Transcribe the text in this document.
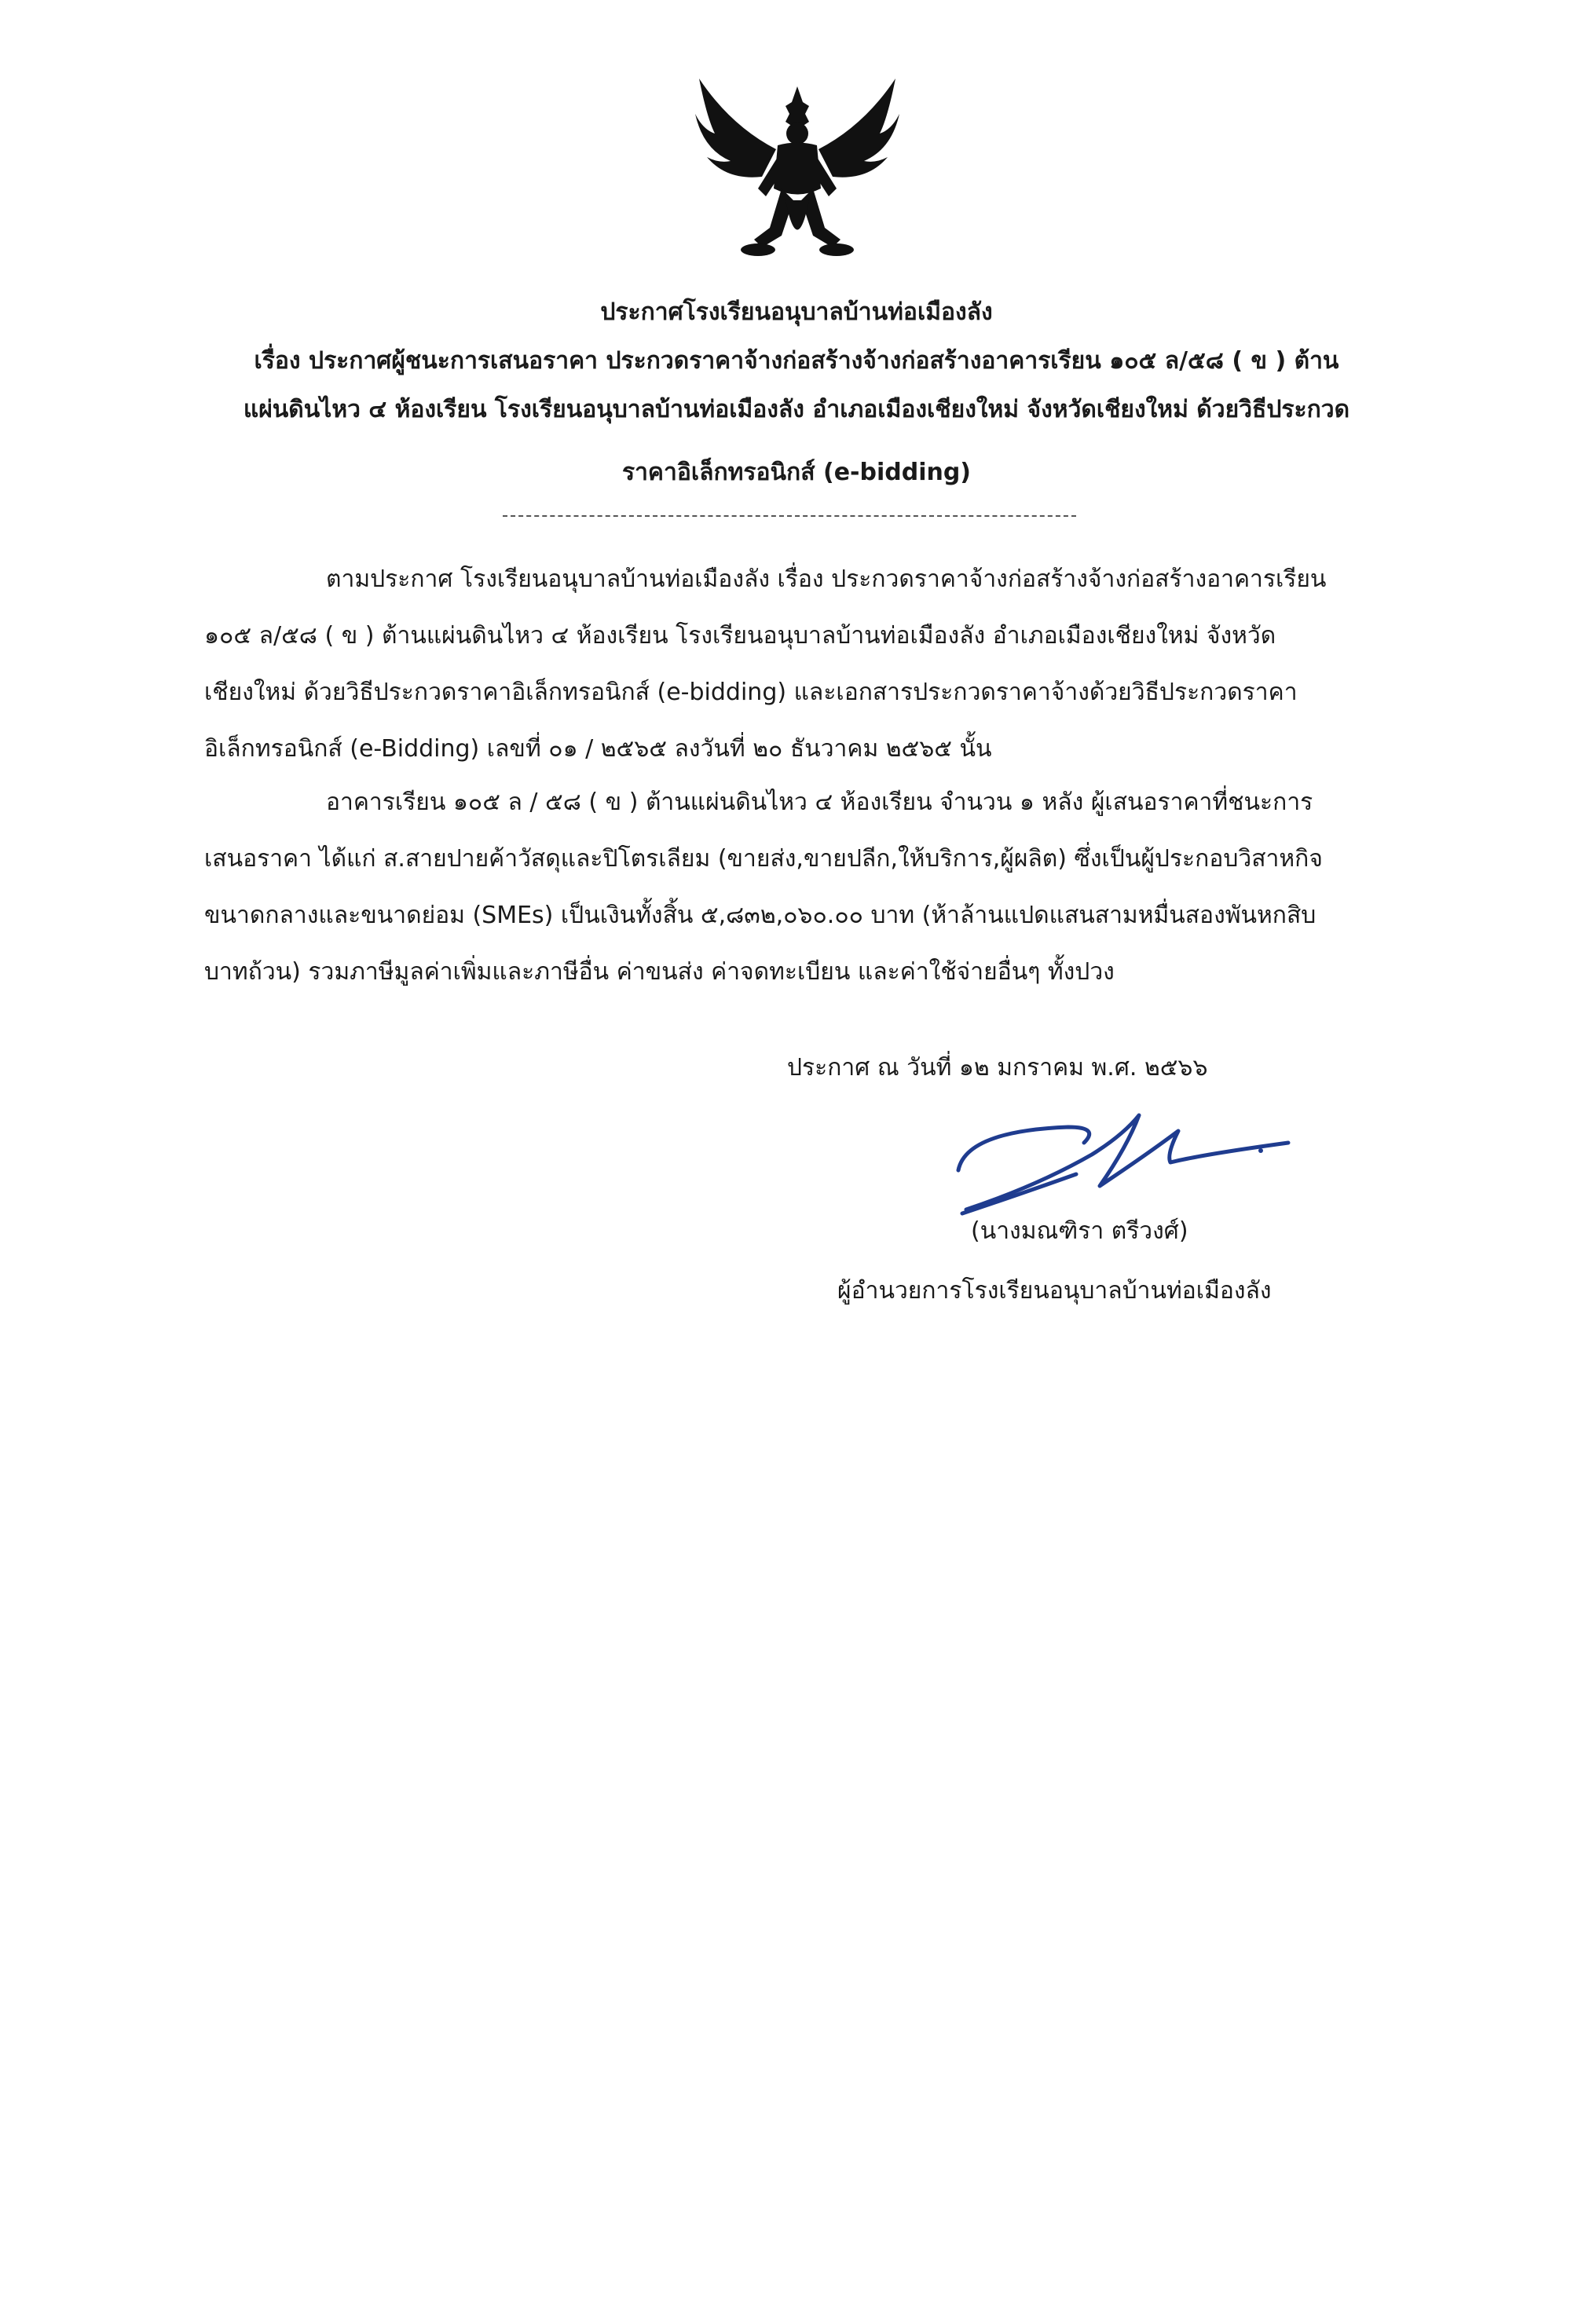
ประกาศโรงเรียนอนุบาลบ้านท่อเมืองลัง
เรื่อง ประกาศผู้ชนะการเสนอราคา ประกวดราคาจ้างก่อสร้างจ้างก่อสร้างอาคารเรียน ๑๐๕ ล/๕๘ ( ข ) ต้าน
แผ่นดินไหว ๔ ห้องเรียน โรงเรียนอนุบาลบ้านท่อเมืองลัง อำเภอเมืองเชียงใหม่ จังหวัดเชียงใหม่ ด้วยวิธีประกวด
ราคาอิเล็กทรอนิกส์ (e-bidding)
ตามประกาศ โรงเรียนอนุบาลบ้านท่อเมืองลัง เรื่อง ประกวดราคาจ้างก่อสร้างจ้างก่อสร้างอาคารเรียน
๑๐๕ ล/๕๘ ( ข ) ต้านแผ่นดินไหว ๔ ห้องเรียน โรงเรียนอนุบาลบ้านท่อเมืองลัง อำเภอเมืองเชียงใหม่ จังหวัด
เชียงใหม่ ด้วยวิธีประกวดราคาอิเล็กทรอนิกส์ (e-bidding) และเอกสารประกวดราคาจ้างด้วยวิธีประกวดราคา
อิเล็กทรอนิกส์ (e-Bidding) เลขที่ ๐๑ / ๒๕๖๕ ลงวันที่ ๒๐ ธันวาคม ๒๕๖๕ นั้น
อาคารเรียน ๑๐๕ ล / ๕๘ ( ข ) ต้านแผ่นดินไหว ๔ ห้องเรียน จำนวน ๑ หลัง ผู้เสนอราคาที่ชนะการ
เสนอราคา ได้แก่ ส.สายปายค้าวัสดุและปิโตรเลียม (ขายส่ง,ขายปลีก,ให้บริการ,ผู้ผลิต) ซึ่งเป็นผู้ประกอบวิสาหกิจ
ขนาดกลางและขนาดย่อม (SMEs) เป็นเงินทั้งสิ้น ๕,๘๓๒,๐๖๐.๐๐ บาท (ห้าล้านแปดแสนสามหมื่นสองพันหกสิบ
บาทถ้วน) รวมภาษีมูลค่าเพิ่มและภาษีอื่น ค่าขนส่ง ค่าจดทะเบียน และค่าใช้จ่ายอื่นๆ ทั้งปวง
ประกาศ ณ วันที่ ๑๒ มกราคม พ.ศ. ๒๕๖๖
(นางมณฑิรา ตรีวงศ์)
ผู้อำนวยการโรงเรียนอนุบาลบ้านท่อเมืองลัง
